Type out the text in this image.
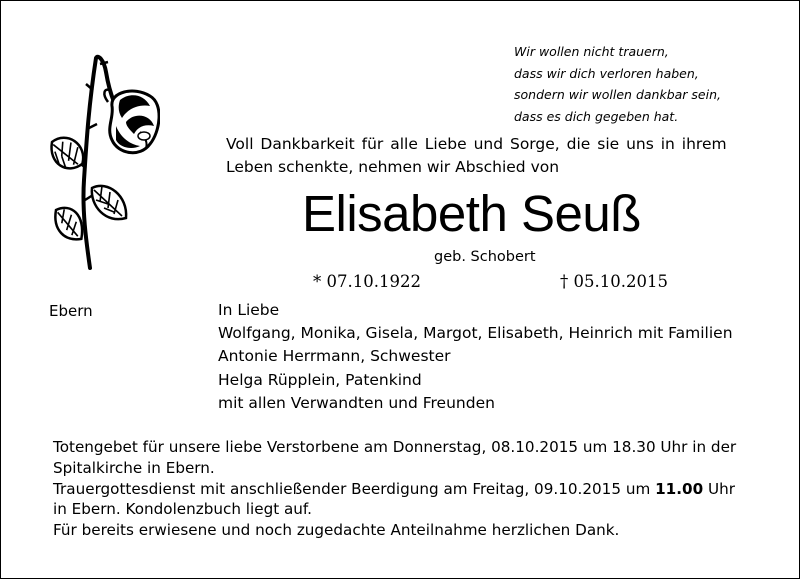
Wir wollen nicht trauern,
dass wir dich verloren haben,
sondern wir wollen dankbar sein,
dass es dich gegeben hat.
Voll Dankbarkeit für alle Liebe und Sorge, die sie uns in ihrem
Leben schenkte, nehmen wir Abschied von
Elisabeth Seuß
geb. Schobert
* 07.10.1922	† 05.10.2015
Ebern	In Liebe
Wolfgang, Monika, Gisela, Margot, Elisabeth, Heinrich mit Familien
Antonie Herrmann, Schwester
Helga Rüpplein, Patenkind
mit allen Verwandten und Freunden
Totengebet für unsere liebe Verstorbene am Donnerstag, 08.10.2015 um 18.30 Uhr in der
Spitalkirche in Ebern.
Trauergottesdienst mit anschließender Beerdigung am Freitag, 09.10.2015 um 11.00 Uhr
in Ebern. Kondolenzbuch liegt auf.
Für bereits erwiesene und noch zugedachte Anteilnahme herzlichen Dank.
